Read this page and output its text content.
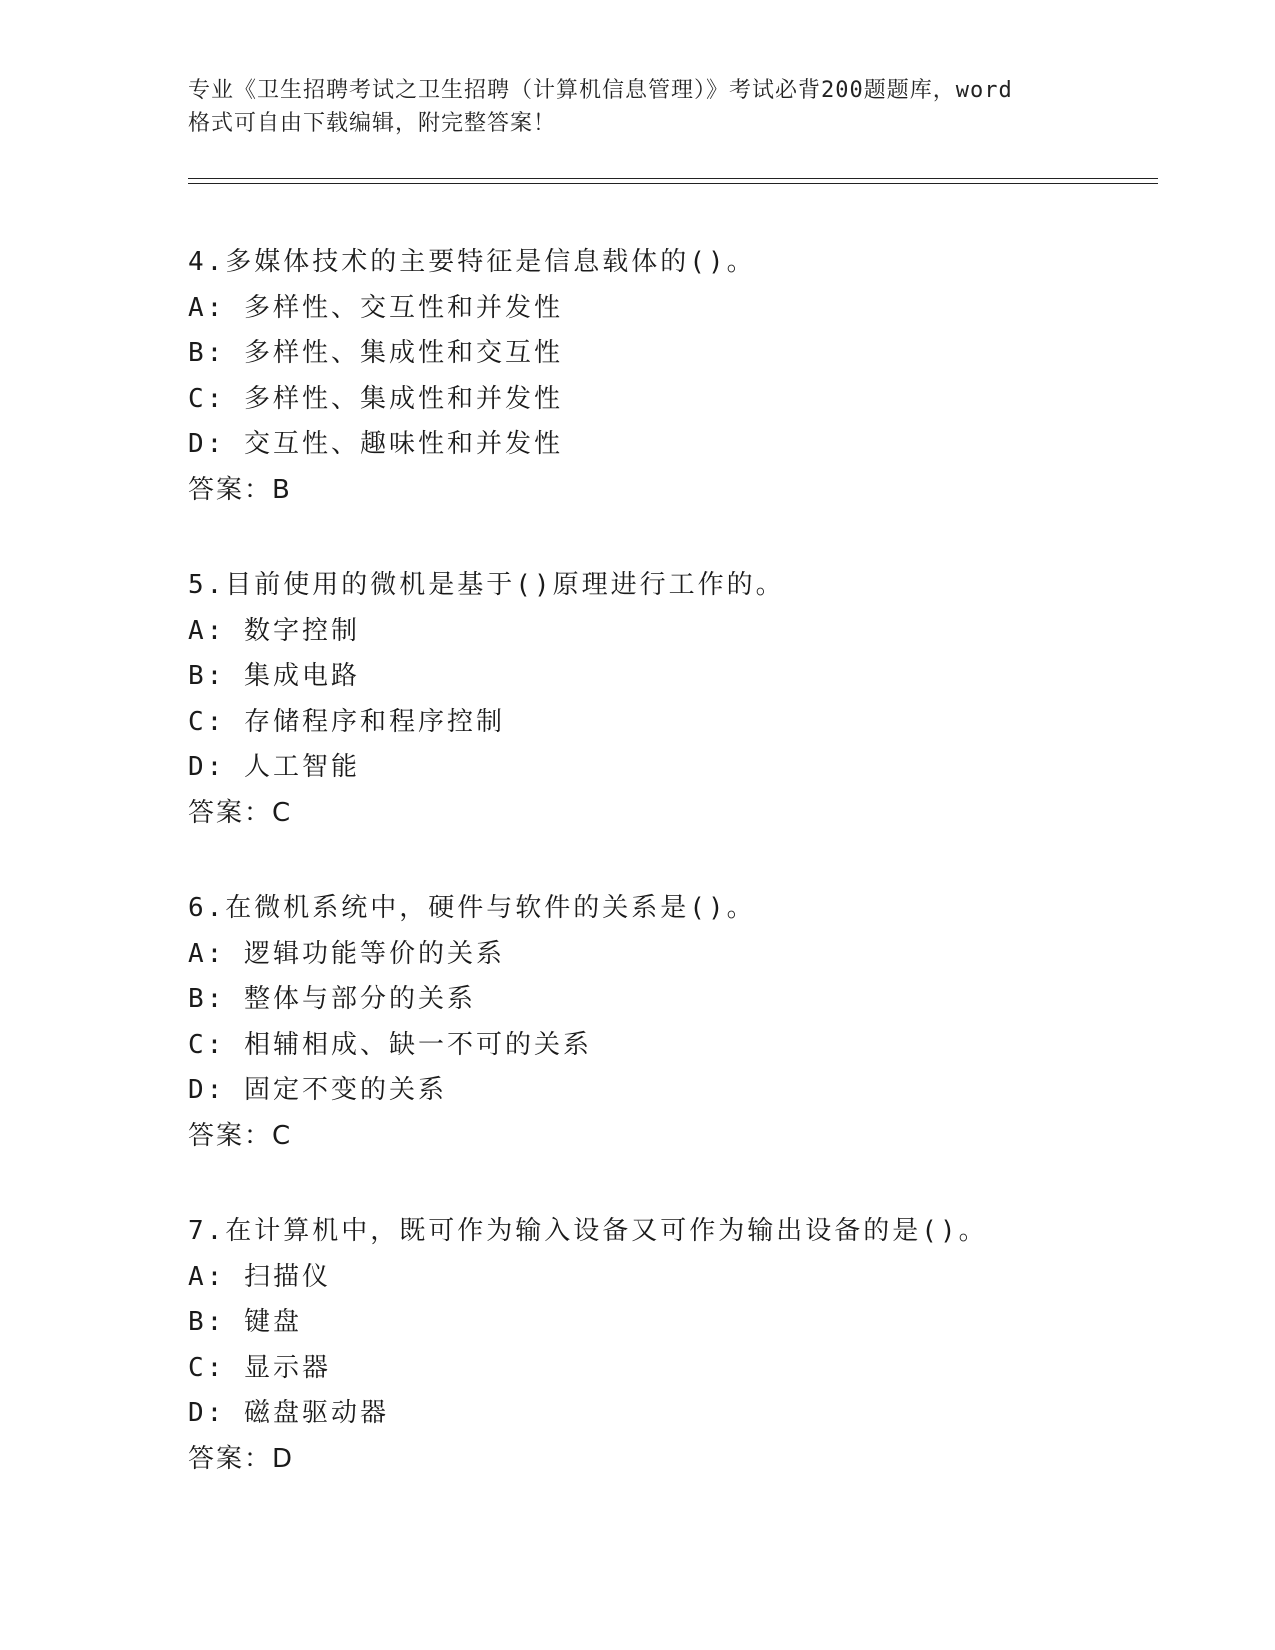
专业《卫生招聘考试之卫生招聘（计算机信息管理）》考试必背200题题库，word
格式可自由下载编辑，附完整答案！
4.多媒体技术的主要特征是信息载体的()。
A: 多样性、交互性和并发性
B: 多样性、集成性和交互性
C: 多样性、集成性和并发性
D: 交互性、趣味性和并发性
答案：B
5.目前使用的微机是基于()原理进行工作的。
A: 数字控制
B: 集成电路
C: 存储程序和程序控制
D: 人工智能
答案：C
6.在微机系统中，硬件与软件的关系是()。
A: 逻辑功能等价的关系
B: 整体与部分的关系
C: 相辅相成、缺一不可的关系
D: 固定不变的关系
答案：C
7.在计算机中，既可作为输入设备又可作为输出设备的是()。
A: 扫描仪
B: 键盘
C: 显示器
D: 磁盘驱动器
答案：D
